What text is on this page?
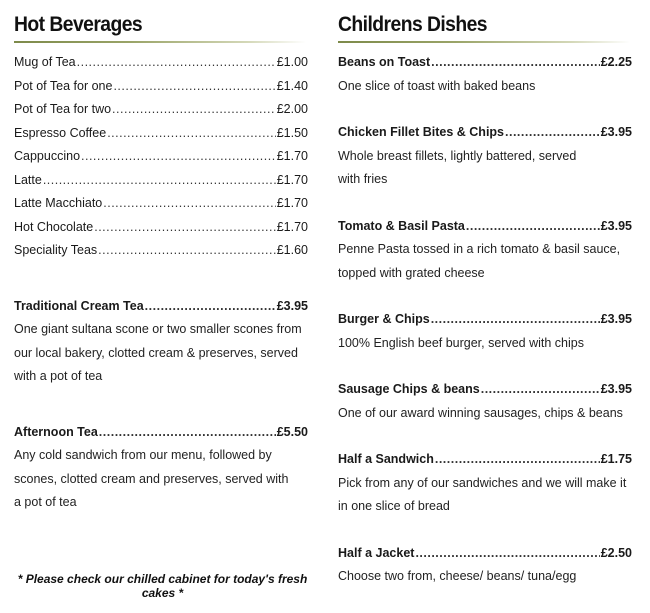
Hot Beverages
Mug of Tea .....	£1.00
Pot of Tea for one .....	£1.40
Pot of Tea for two .....	£2.00
Espresso Coffee .....	£1.50
Cappuccino .....	£1.70
Latte .....	£1.70
Latte Macchiato .....	£1.70
Hot Chocolate .....	£1.70
Speciality Teas .....	£1.60
Traditional Cream Tea .....	£3.95
One giant sultana scone or two smaller scones from
our local bakery, clotted cream & preserves, served
with a pot of tea
Afternoon Tea .....	£5.50
Any cold sandwich from our menu, followed by
scones, clotted cream and preserves, served with
a pot of tea
* Please check our chilled cabinet for today's fresh cakes *
Childrens Dishes
Beans on Toast .....	£2.25
One slice of toast with baked beans
Chicken Fillet Bites & Chips .....	£3.95
Whole breast fillets, lightly battered, served
with fries
Tomato & Basil Pasta .....	£3.95
Penne Pasta tossed in a rich tomato & basil sauce,
topped with grated cheese
Burger & Chips .....	£3.95
100% English beef burger, served with chips
Sausage Chips & beans .....	£3.95
One of our award winning sausages, chips & beans
Half a Sandwich .....	£1.75
Pick from any of our sandwiches and we will make it
in one slice of bread
Half a Jacket .....	£2.50
Choose two from, cheese/ beans/ tuna/egg
